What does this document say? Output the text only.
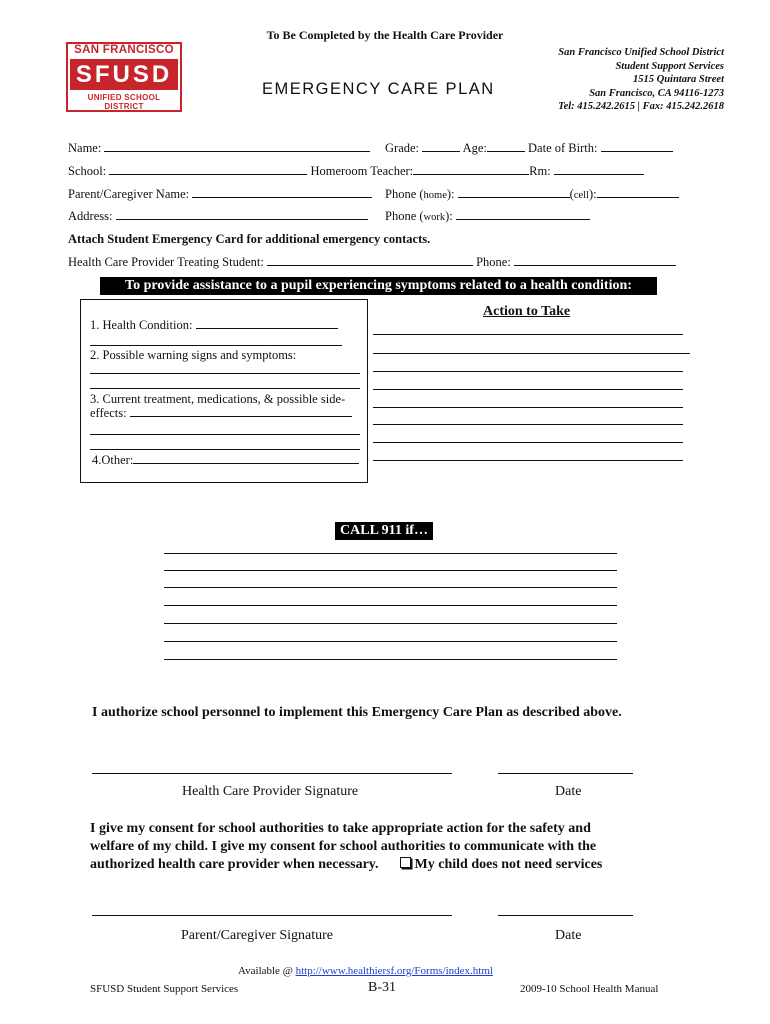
To Be Completed by the Health Care Provider
SAN FRANCISCO
SFUSD
UNIFIED SCHOOL DISTRICT
EMERGENCY CARE PLAN
San Francisco Unified School District
Student Support Services
1515 Quintara Street
San Francisco, CA 94116-1273
Tel: 415.242.2615 | Fax: 415.242.2618
Name:	Grade:	Age:	Date of Birth:
School:	Homeroom Teacher:	Rm:
Parent/Caregiver Name:	Phone (home):	(cell):
Address:	Phone (work):
Attach Student Emergency Card for additional emergency contacts.
Health Care Provider Treating Student:	Phone:
To provide assistance to a pupil experiencing symptoms related to a health condition:
1. Health Condition:
2. Possible warning signs and symptoms:
3. Current treatment, medications, & possible side-
effects:
4.Other:
Action to Take
CALL 911 if…
I authorize school personnel to implement this Emergency Care Plan as described above.
Health Care Provider Signature	Date
I give my consent for school authorities to take appropriate action for the safety and
welfare of my child. I give my consent for school authorities to communicate with the
authorized health care provider when necessary.	My child does not need services
Parent/Caregiver Signature	Date
Available @ http://www.healthiersf.org/Forms/index.html
SFUSD Student Support Services	B-31	2009-10 School Health Manual
